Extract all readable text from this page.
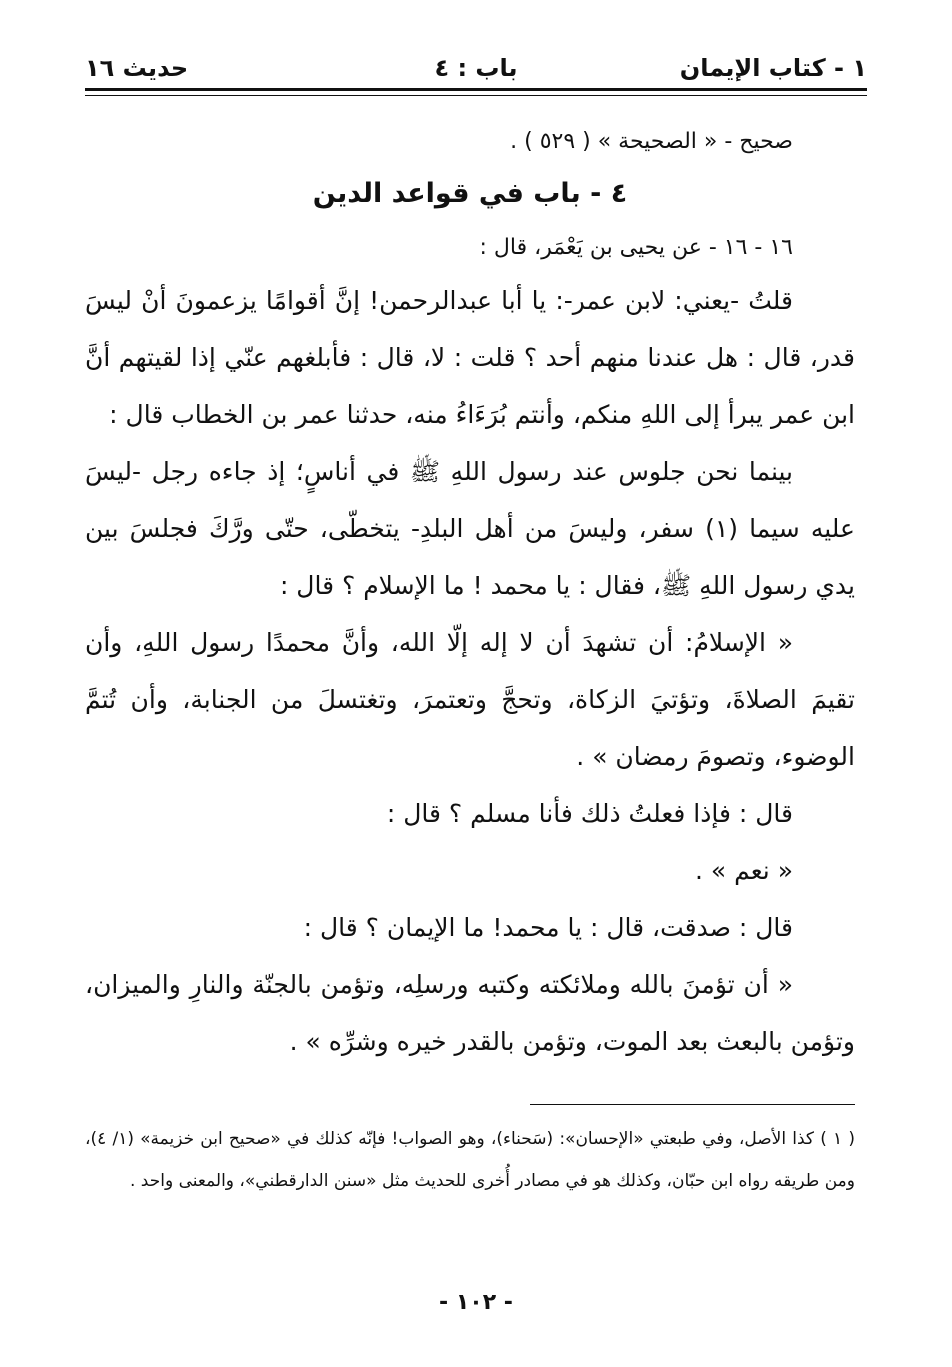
١ - كتاب الإيمان
باب : ٤
حديث ١٦

صحيح - « الصحيحة » ( ٥٢٩ ) .

٤ - باب في قواعد الدين

١٦ - ١٦ - عن يحيى بن يَعْمَر، قال :

قلتُ -يعني: لابن عمر-: يا أبا عبدالرحمن! إنَّ أقوامًا يزعمونَ أنْ ليسَ قدر، قال : هل عندنا منهم أحد ؟ قلت : لا، قال : فأبلغهم عنّي إذا لقيتهم أنَّ ابن عمر يبرأ إلى اللهِ منكم، وأنتم بُرَءَاءُ منه، حدثنا عمر بن الخطاب قال :

بينما نحن جلوس عند رسول اللهِ ﷺ في أناسٍ؛ إذ جاءه رجل -ليسَ عليه سيما (١) سفر، وليسَ من أهل البلدِ- يتخطّى، حتّى ورَّكَ فجلسَ بين يدي رسول اللهِ ﷺ، فقال : يا محمد ! ما الإسلام ؟ قال :

« الإسلامُ: أن تشهدَ أن لا إله إلّا الله، وأنَّ محمدًا رسول اللهِ، وأن تقيمَ الصلاةَ، وتؤتيَ الزكاة، وتحجَّ وتعتمرَ، وتغتسلَ من الجنابة، وأن تُتمَّ الوضوء، وتصومَ رمضان » .

قال : فإذا فعلتُ ذلك فأنا مسلم ؟ قال :

« نعم » .

قال : صدقت، قال : يا محمد! ما الإيمان ؟ قال :

« أن تؤمنَ بالله وملائكته وكتبه ورسلِه، وتؤمن بالجنّة والنارِ والميزان، وتؤمن بالبعث بعد الموت، وتؤمن بالقدر خيره وشرِّه » .

( ١ ) كذا الأصل، وفي طبعتي «الإحسان»: (سَحناء)، وهو الصواب! فإنّه كذلك في «صحيح ابن خزيمة» (١/ ٤)، ومن طريقه رواه ابن حبّان، وكذلك هو في مصادر أُخرى للحديث مثل «سنن الدارقطني»، والمعنى واحد .
- ١٠٢ -
